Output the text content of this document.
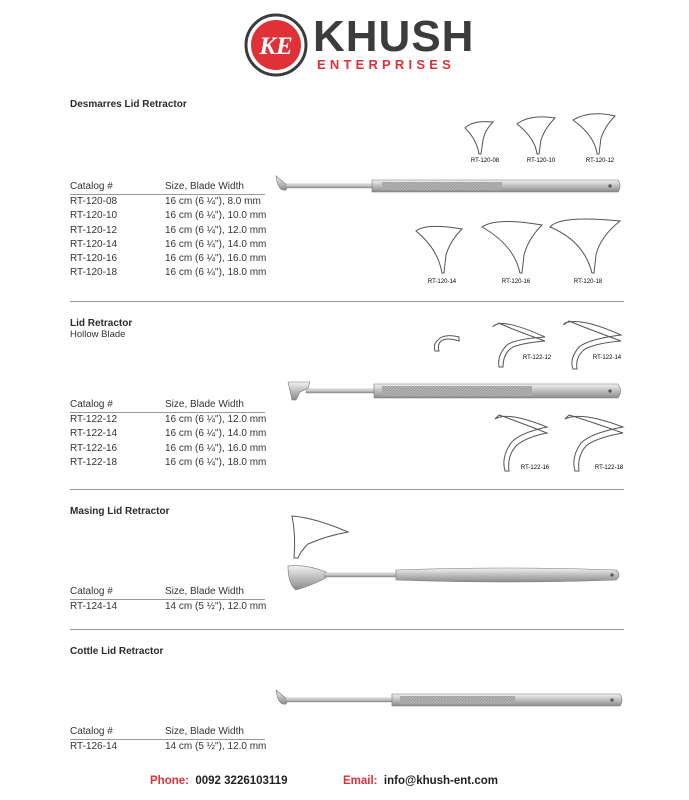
KE KHUSH
ENTERPRISES
Desmarres Lid Retractor
RT-120-08	RT-120-10	RT-120-12
Catalog #	Size, Blade Width
RT-120-08	16 cm (6 ¼"), 8.0 mm
RT-120-10	16 cm (6 ¼"), 10.0 mm
RT-120-12	16 cm (6 ¼"), 12.0 mm
RT-120-14	16 cm (6 ¼"), 14.0 mm
RT-120-16	16 cm (6 ¼"), 16.0 mm
RT-120-18	16 cm (6 ¼"), 18.0 mm
RT-120-14	RT-120-16	RT-120-18
Lid Retractor
Hollow Blade
RT-122-12	RT-122-14
RT-122-16	RT-122-18
Catalog #	Size, Blade Width
RT-122-12	16 cm (6 ¼"), 12.0 mm
RT-122-14	16 cm (6 ¼"), 14.0 mm
RT-122-16	16 cm (6 ¼"), 16.0 mm
RT-122-18	16 cm (6 ¼"), 18.0 mm
Masing Lid Retractor
Catalog #	Size, Blade Width
RT-124-14	14 cm (5 ½"), 12.0 mm
Cottle Lid Retractor
Catalog #	Size, Blade Width
RT-126-14	14 cm (5 ½"), 12.0 mm
Phone: 0092 3226103119	Email: info@khush-ent.com
